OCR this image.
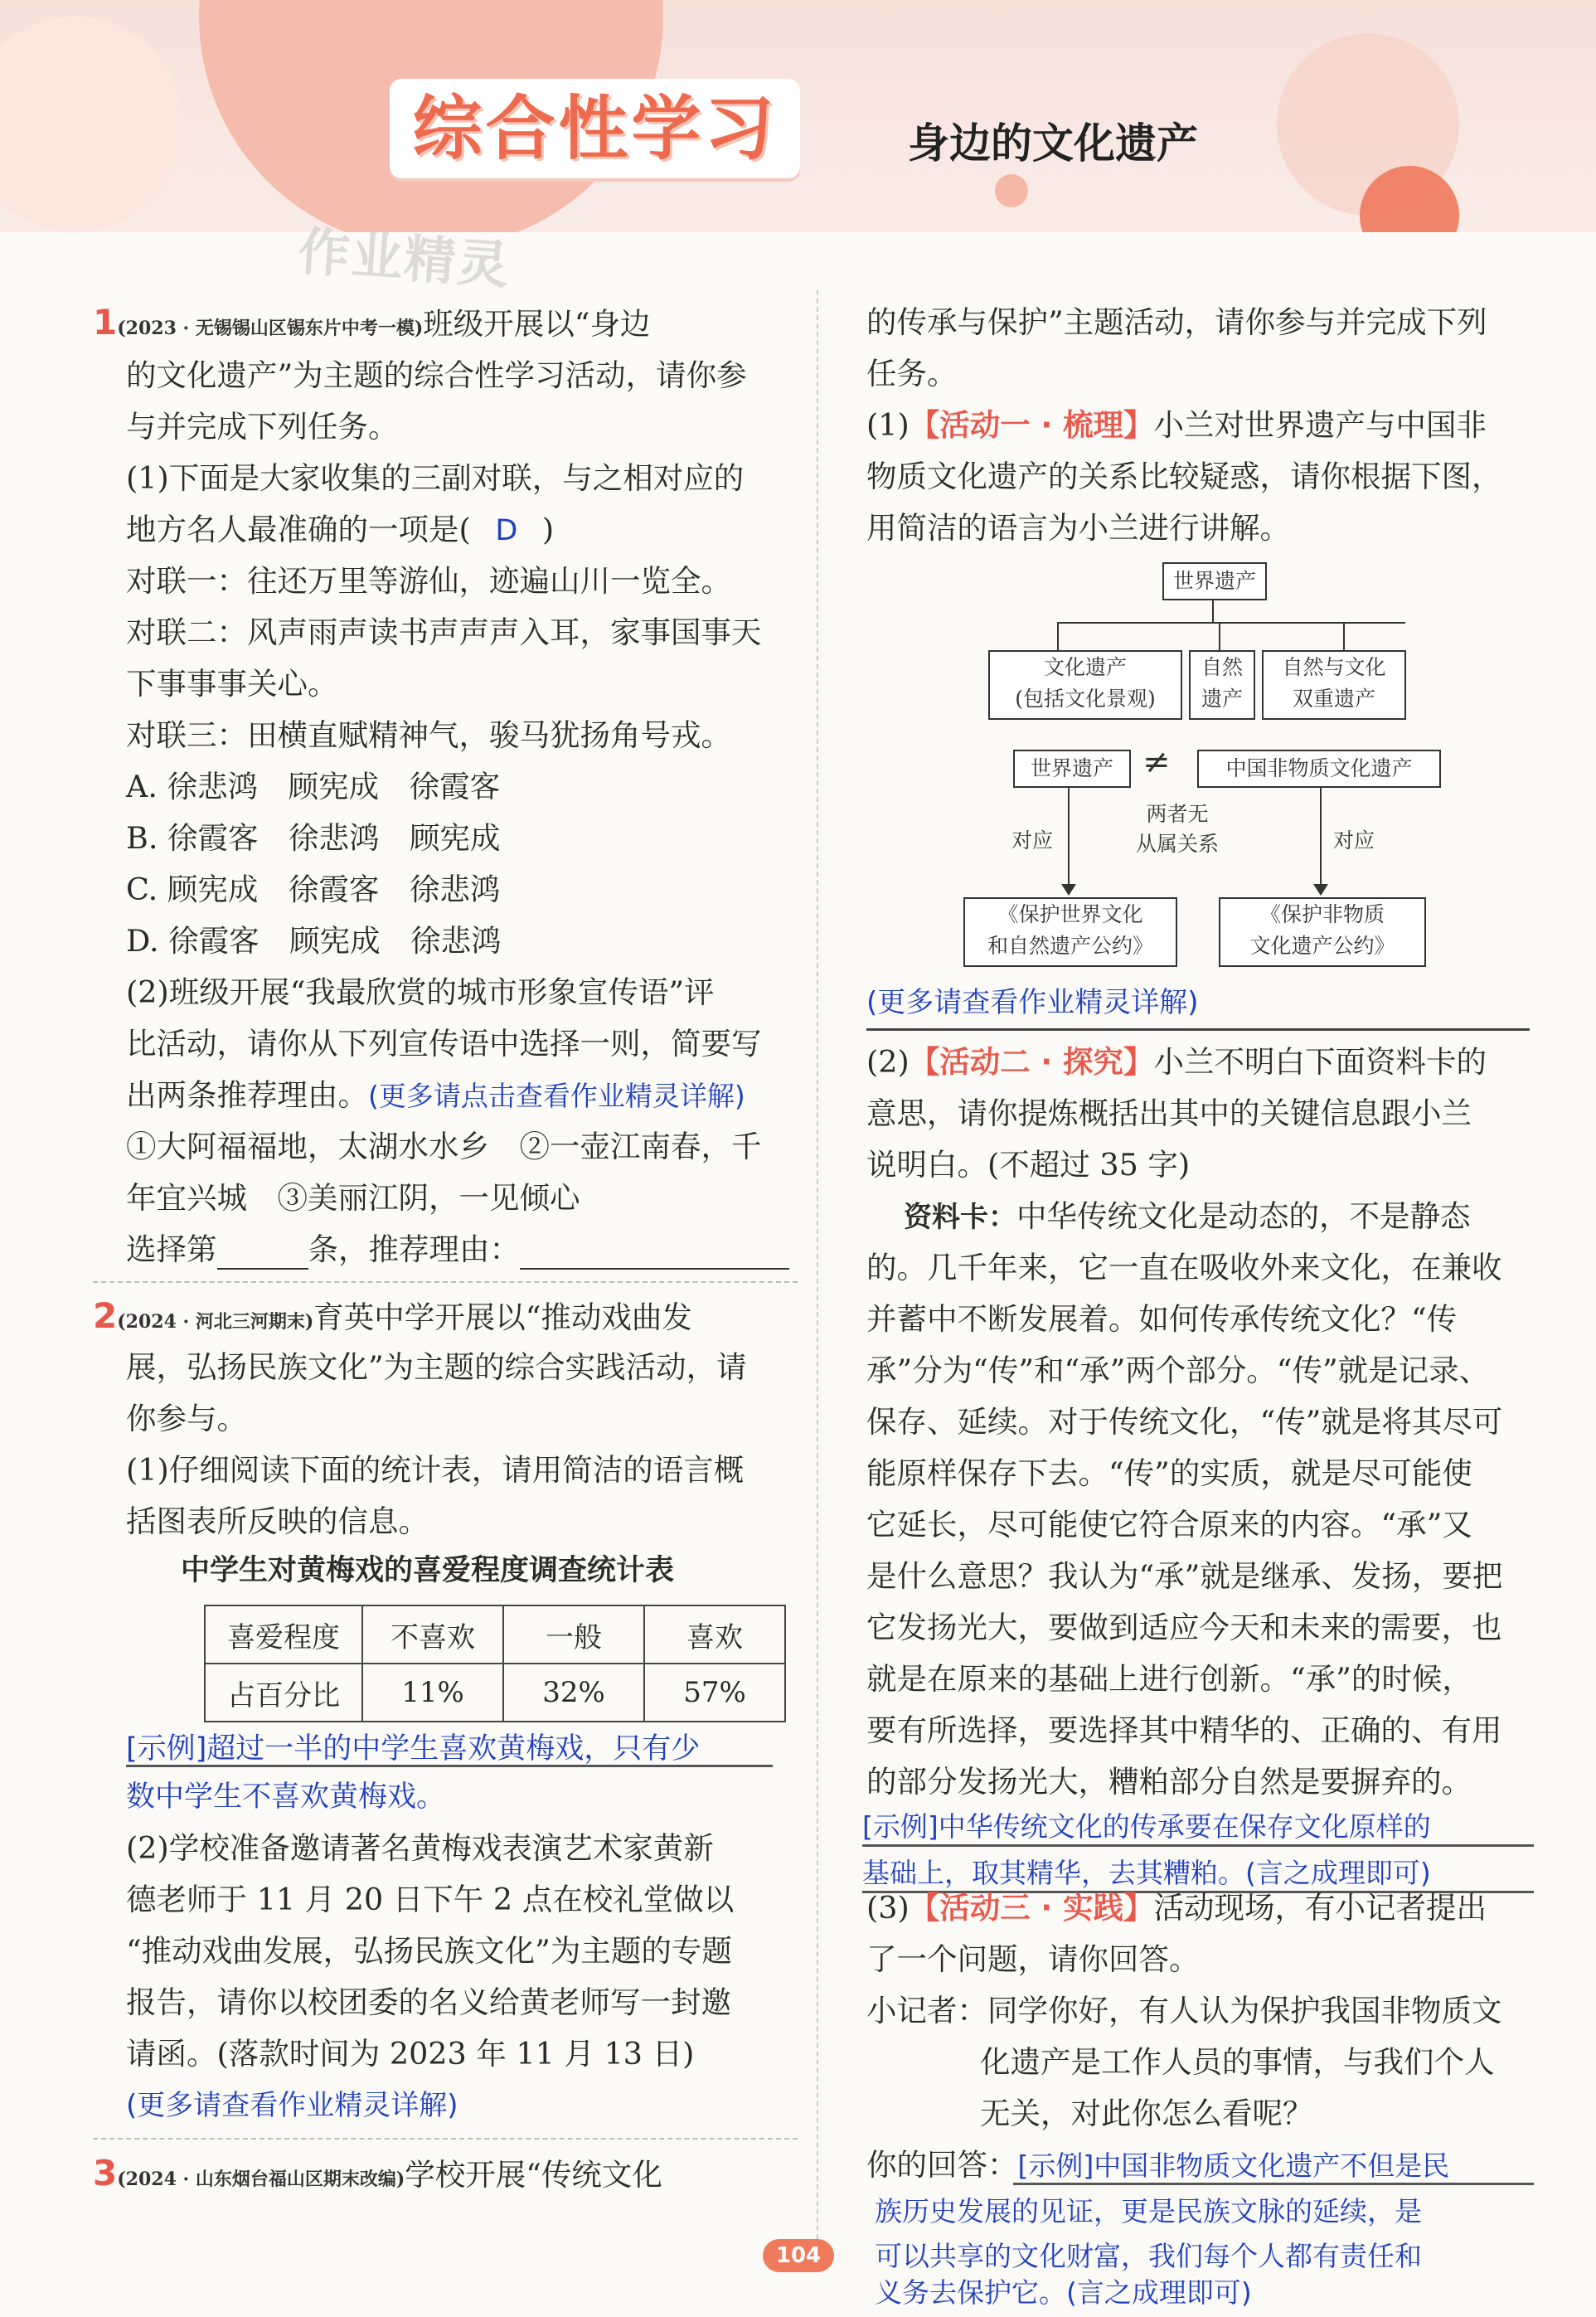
综合性学习	身边的文化遗产
作业精灵
1(2023 · 无锡锡山区锡东片中考一模)班级开展以“身边
的文化遗产”为主题的综合性学习活动，请你参
与并完成下列任务。
(1)下面是大家收集的三副对联，与之相对应的
地方名人最准确的一项是( D )
对联一：往还万里等游仙，迹遍山川一览全。
对联二：风声雨声读书声声声入耳，家事国事天
下事事事关心。
对联三：田横直赋精神气，骏马犹扬角号戎。
A. 徐悲鸿　顾宪成　徐霞客
B. 徐霞客　徐悲鸿　顾宪成
C. 顾宪成　徐霞客　徐悲鸿
D. 徐霞客　顾宪成　徐悲鸿
(2)班级开展“我最欣赏的城市形象宣传语”评
比活动，请你从下列宣传语中选择一则，简要写
出两条推荐理由。(更多请点击查看作业精灵详解)
①大阿福福地，太湖水水乡　②一壶江南春，千
年宜兴城　③美丽江阴，一见倾心
选择第	条，推荐理由：
2(2024 · 河北三河期末)育英中学开展以“推动戏曲发
展，弘扬民族文化”为主题的综合实践活动，请
你参与。
(1)仔细阅读下面的统计表，请用简洁的语言概
括图表所反映的信息。
中学生对黄梅戏的喜爱程度调查统计表
喜爱程度	不喜欢	一般	喜欢
占百分比	11%	32%	57%
[示例]超过一半的中学生喜欢黄梅戏，只有少
数中学生不喜欢黄梅戏。
(2)学校准备邀请著名黄梅戏表演艺术家黄新
德老师于 11 月 20 日下午 2 点在校礼堂做以
“推动戏曲发展，弘扬民族文化”为主题的专题
报告，请你以校团委的名义给黄老师写一封邀
请函。(落款时间为 2023 年 11 月 13 日)
(更多请查看作业精灵详解)
3(2024 · 山东烟台福山区期末改编)学校开展“传统文化
的传承与保护”主题活动，请你参与并完成下列
任务。
(1)【活动一 · 梳理】小兰对世界遗产与中国非
物质文化遗产的关系比较疑惑，请你根据下图，
用简洁的语言为小兰进行讲解。
世界遗产
文化遗产
(包括文化景观)
自然
遗产
自然与文化
双重遗产
世界遗产 ≠	中国非物质文化遗产
两者无
从属关系
对应	对应
《保护世界文化
和自然遗产公约》
《保护非物质
文化遗产公约》
(更多请查看作业精灵详解)
(2)【活动二 · 探究】小兰不明白下面资料卡的
意思，请你提炼概括出其中的关键信息跟小兰
说明白。(不超过 35 字)
资料卡：中华传统文化是动态的，不是静态
的。几千年来，它一直在吸收外来文化，在兼收
并蓄中不断发展着。如何传承传统文化？“传
承”分为“传”和“承”两个部分。“传”就是记录、
保存、延续。对于传统文化，“传”就是将其尽可
能原样保存下去。“传”的实质，就是尽可能使
它延长，尽可能使它符合原来的内容。“承”又
是什么意思？我认为“承”就是继承、发扬，要把
它发扬光大，要做到适应今天和未来的需要，也
就是在原来的基础上进行创新。“承”的时候，
要有所选择，要选择其中精华的、正确的、有用
的部分发扬光大，糟粕部分自然是要摒弃的。
[示例]中华传统文化的传承要在保存文化原样的
基础上，取其精华，去其糟粕。(言之成理即可)
(3)【活动三 · 实践】活动现场，有小记者提出
了一个问题，请你回答。
小记者：同学你好，有人认为保护我国非物质文
化遗产是工作人员的事情，与我们个人
无关，对此你怎么看呢？
你的回答：[示例]中国非物质文化遗产不但是民
族历史发展的见证，更是民族文脉的延续，是
可以共享的文化财富，我们每个人都有责任和
义务去保护它。(言之成理即可)
104
